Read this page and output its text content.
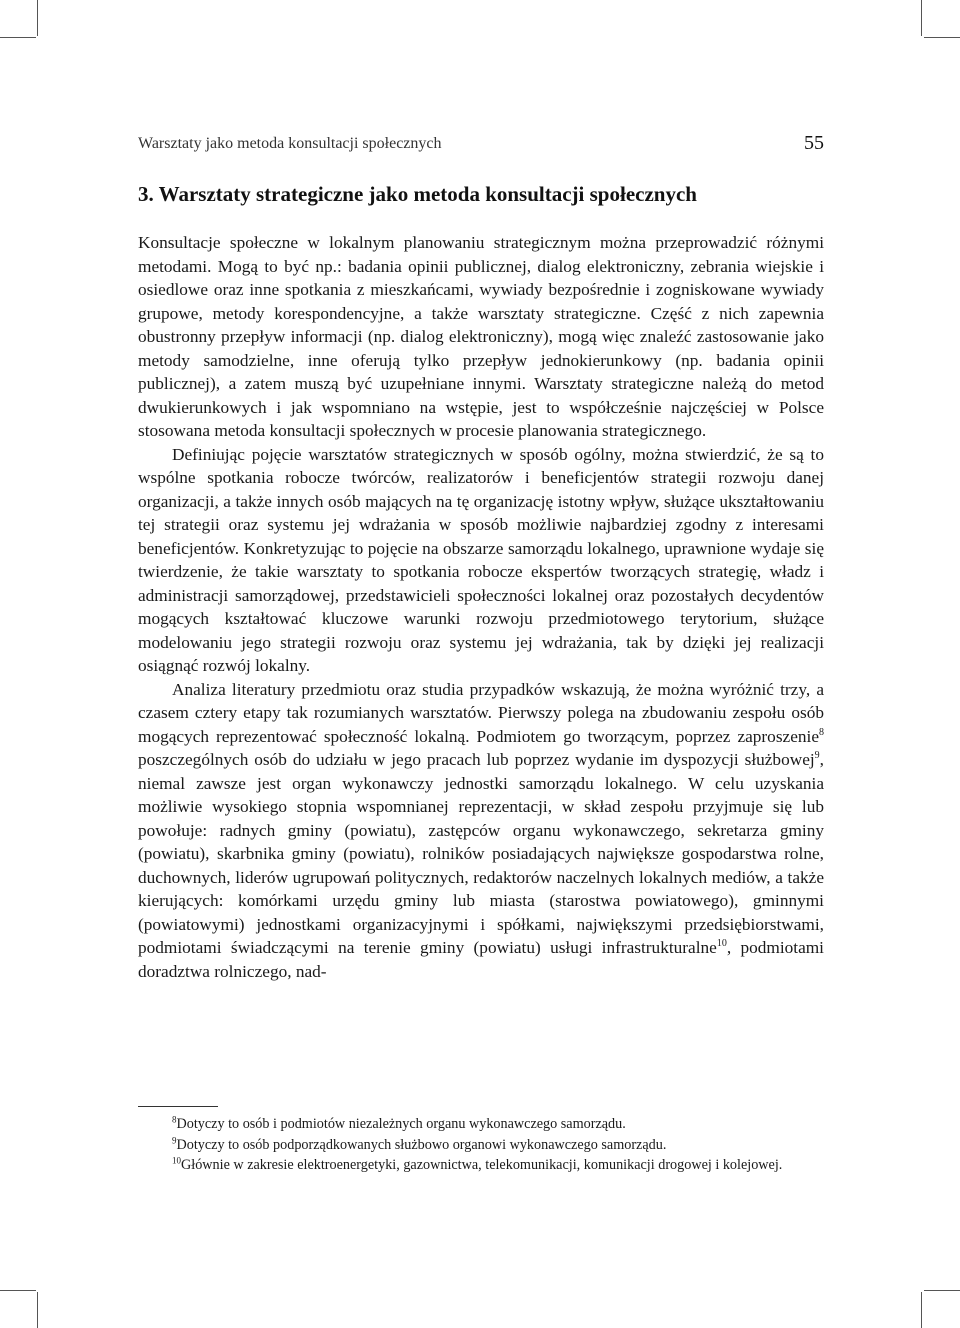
Warsztaty jako metoda konsultacji społecznych	55
3. Warsztaty strategiczne jako metoda konsultacji społecznych

Konsultacje społeczne w lokalnym planowaniu strategicznym można przeprowadzić różnymi metodami. Mogą to być np.: badania opinii publicznej, dialog elektroniczny, zebrania wiejskie i osiedlowe oraz inne spotkania z mieszkańcami, wywiady bezpośrednie i zogniskowane wywiady grupowe, metody korespondencyjne, a także warsztaty strategiczne. Część z nich zapewnia obustronny przepływ informacji (np. dialog elektroniczny), mogą więc znaleźć zastosowanie jako metody samodzielne, inne oferują tylko przepływ jednokierunkowy (np. badania opinii publicznej), a zatem muszą być uzupełniane innymi. Warsztaty strategiczne należą do metod dwukierunkowych i jak wspomniano na wstępie, jest to współcześnie najczęściej w Polsce stosowana metoda konsultacji społecznych w procesie planowania strategicznego.

Definiując pojęcie warsztatów strategicznych w sposób ogólny, można stwierdzić, że są to wspólne spotkania robocze twórców, realizatorów i beneficjentów strategii rozwoju danej organizacji, a także innych osób mających na tę organizację istotny wpływ, służące ukształtowaniu tej strategii oraz systemu jej wdrażania w sposób możliwie najbardziej zgodny z interesami beneficjentów. Konkretyzując to pojęcie na obszarze samorządu lokalnego, uprawnione wydaje się twierdzenie, że takie warsztaty to spotkania robocze ekspertów tworzących strategię, władz i administracji samorządowej, przedstawicieli społeczności lokalnej oraz pozostałych decydentów mogących kształtować kluczowe warunki rozwoju przedmiotowego terytorium, służące modelowaniu jego strategii rozwoju oraz systemu jej wdrażania, tak by dzięki jej realizacji osiągnąć rozwój lokalny.

Analiza literatury przedmiotu oraz studia przypadków wskazują, że można wyróżnić trzy, a czasem cztery etapy tak rozumianych warsztatów. Pierwszy polega na zbudowaniu zespołu osób mogących reprezentować społeczność lokalną. Podmiotem go tworzącym, poprzez zaproszenie$^8$ poszczególnych osób do udziału w jego pracach lub poprzez wydanie im dyspozycji służbowej$^9$, niemal zawsze jest organ wykonawczy jednostki samorządu lokalnego. W celu uzyskania możliwie wysokiego stopnia wspomnianej reprezentacji, w skład zespołu przyjmuje się lub powołuje: radnych gminy (powiatu), zastępców organu wykonawczego, sekretarza gminy (powiatu), skarbnika gminy (powiatu), rolników posiadających największe gospodarstwa rolne, duchownych, liderów ugrupowań politycznych, redaktorów naczelnych lokalnych mediów, a także kierujących: komórkami urzędu gminy lub miasta (starostwa powiatowego), gminnymi (powiatowymi) jednostkami organizacyjnymi i spółkami, największymi przedsiębiorstwami, podmiotami świadczącymi na terenie gminy (powiatu) usługi infrastrukturalne$^{10}$, podmiotami doradztwa rolniczego, nad-

$^8$Dotyczy to osób i podmiotów niezależnych organu wykonawczego samorządu.

$^9$Dotyczy to osób podporządkowanych służbowo organowi wykonawczego samorządu.

$^{10}$Głównie w zakresie elektroenergetyki, gazownictwa, telekomunikacji, komunikacji drogowej i kolejowej.
